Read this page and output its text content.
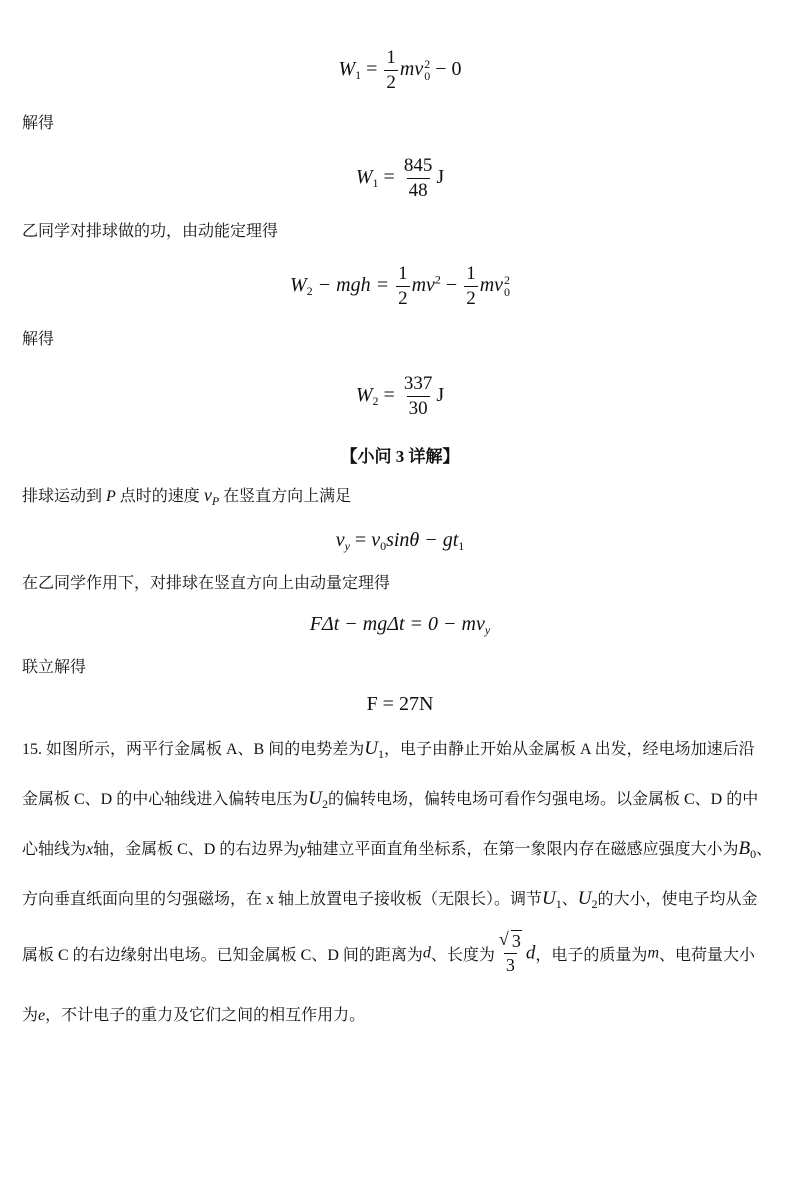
$W_1 = \frac{1}{2}$ mv 2
0 − 0
解得
$W_1 = \frac{845}{48}$ J
乙同学对排球做的功，由动能定理得
$W_2$ − mgh = $\frac{1}{2} mv^2 - \frac{1}{2}$ mv 2
0
解得
$W_2 = \frac{337}{30}$ J
【小问 3 详解】
排球运动到 P 点时的速度 $v_P$ 在竖直方向上满足
$v_y = v_0\sin\theta - gt_1$
在乙同学作用下，对排球在竖直方向上由动量定理得
$F\Delta t - mg\Delta t = 0 - mv_y$
联立解得
F = 27N
15. 如图所示，两平行金属板 A、B 间的电势差为$U_1$，电子由静止开始从金属板 A 出发，经电场加速后沿
金属板 C、D 的中心轴线进入偏转电压为$U_2$的偏转电场，偏转电场可看作匀强电场。以金属板 C、D 的中
心轴线为x轴，金属板 C、D 的右边界为y轴建立平面直角坐标系，在第一象限内存在磁感应强度大小为$B_0$、
方向垂直纸面向里的匀强磁场，在 x 轴上放置电子接收板（无限长）。调节$U_1$、$U_2$的大小，使电子均从金
属板 C 的右边缘射出电场。已知金属板 C、D 间的距离为d、长度为 $\frac{√ 3}{3}$ d，电子的质量为m、电荷量大小
为e，不计电子的重力及它们之间的相互作用力。
